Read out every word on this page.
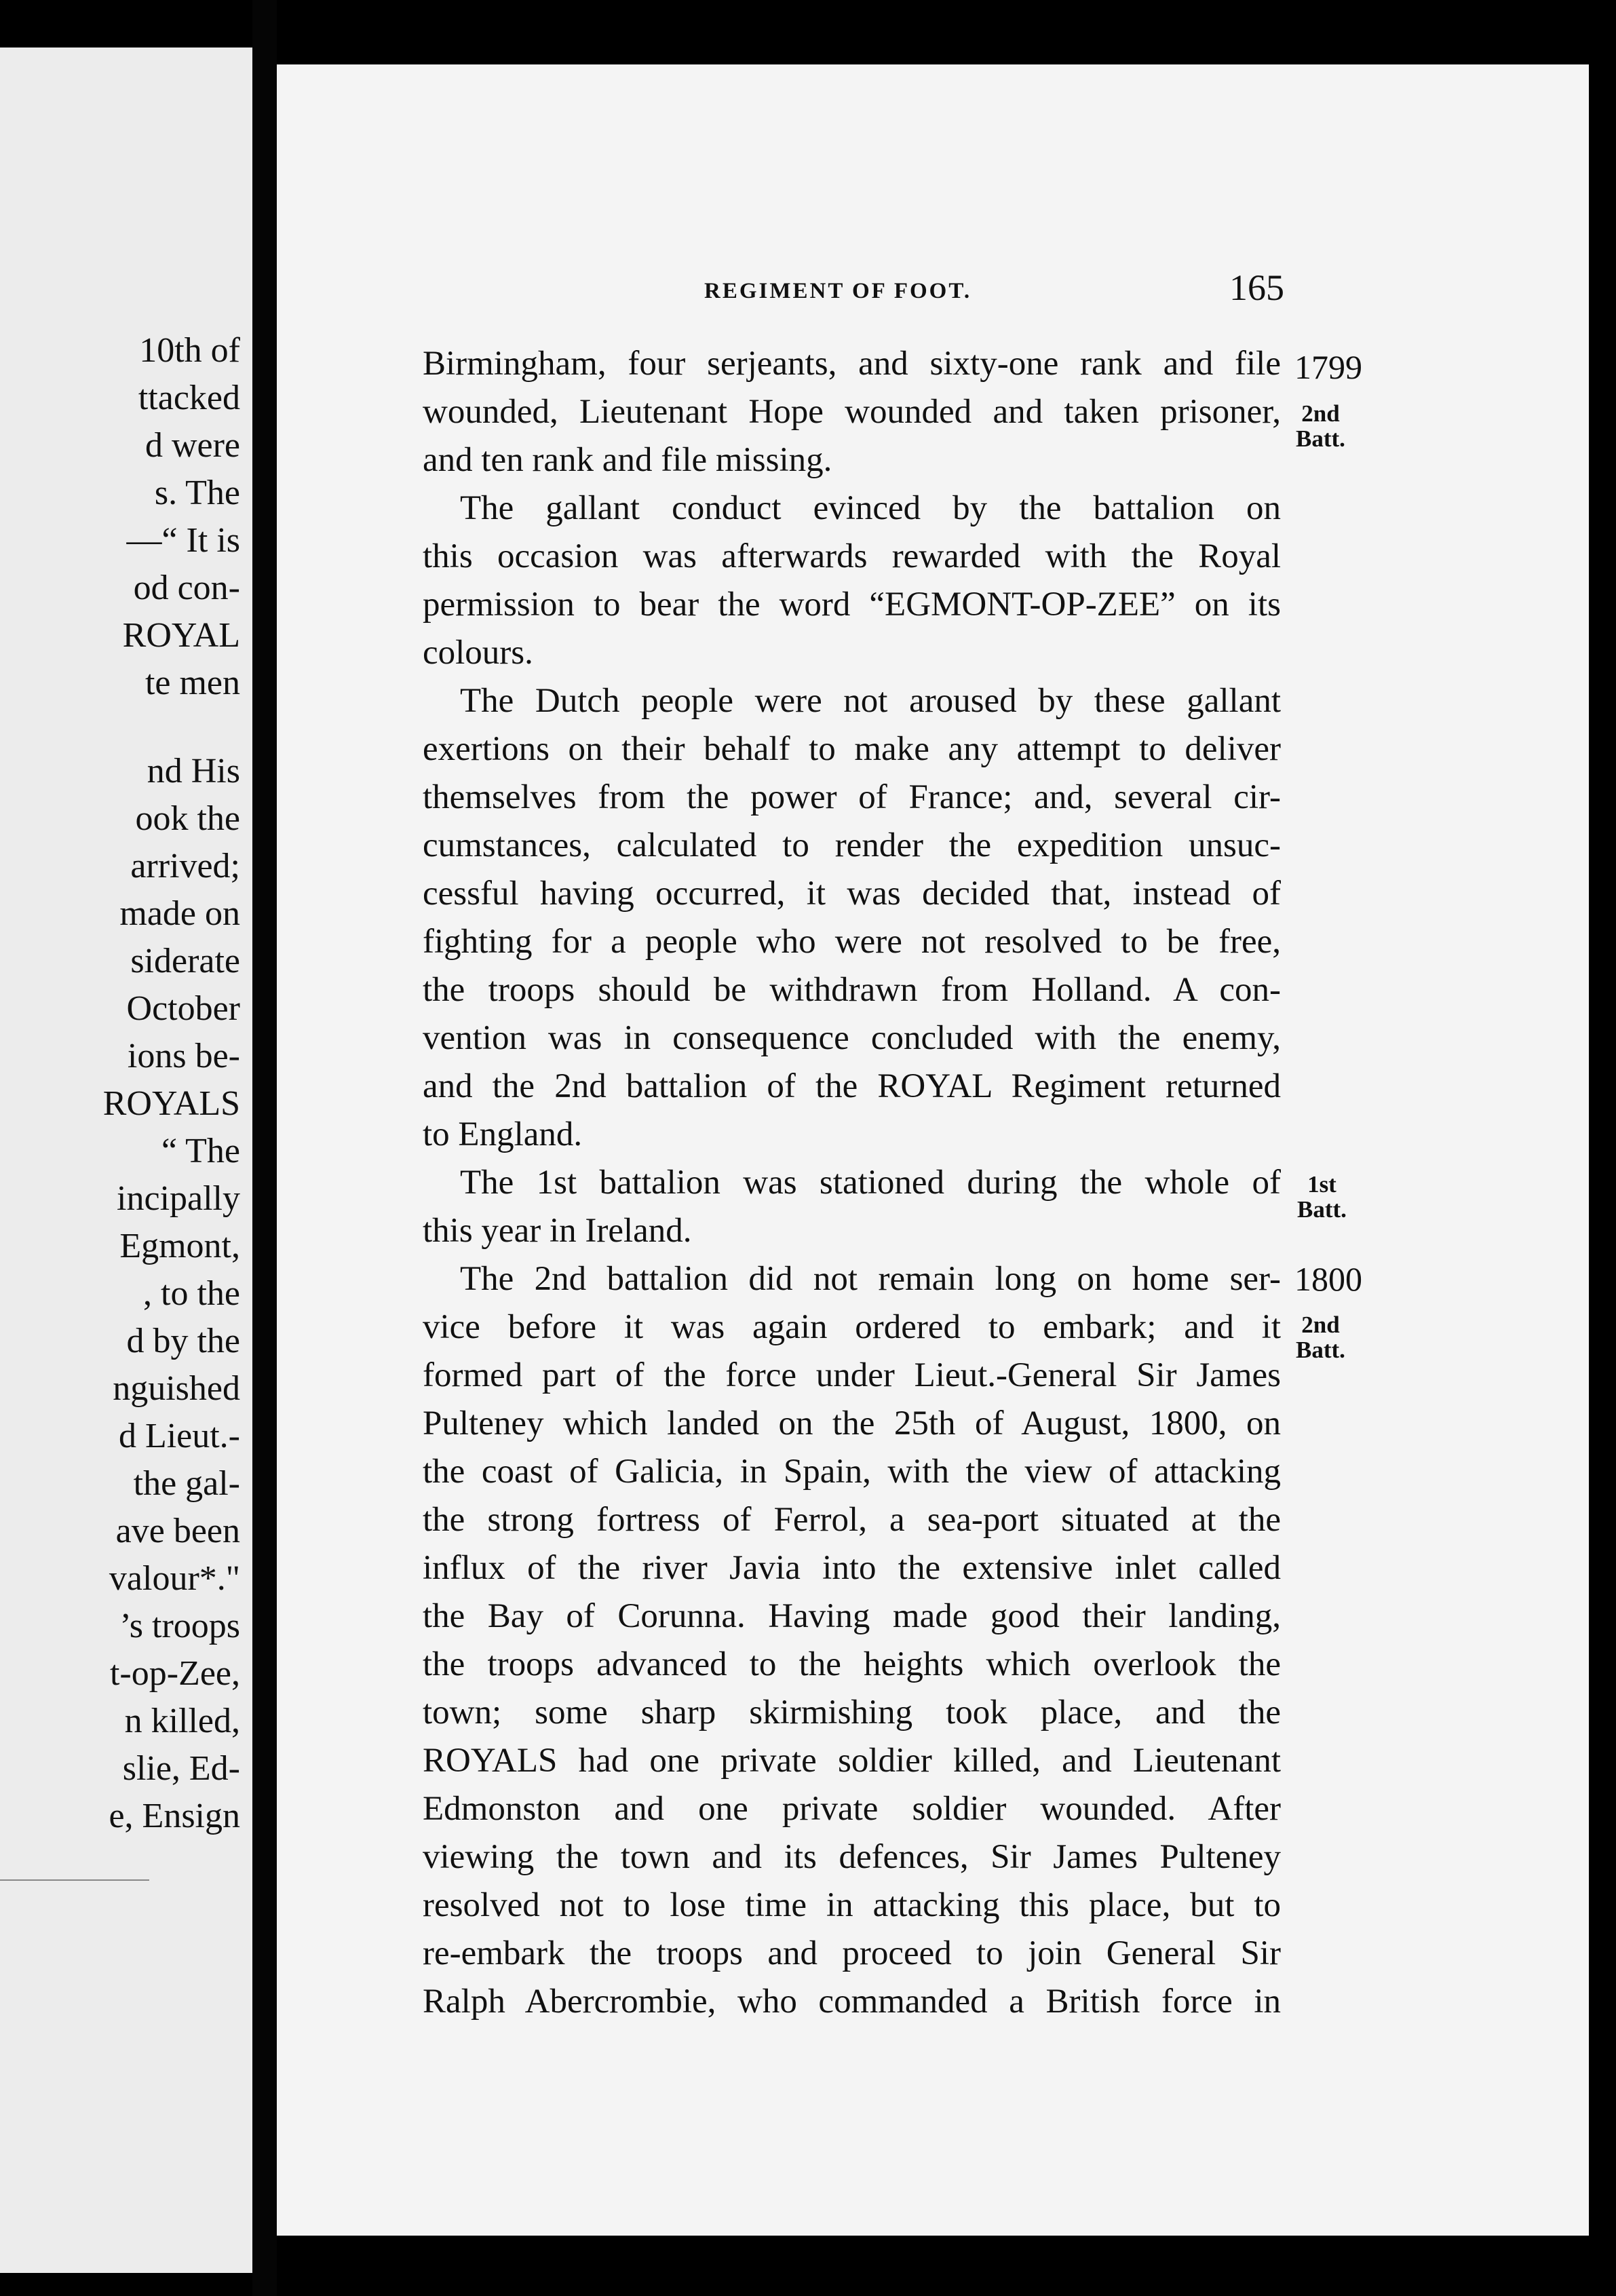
10th of
ttacked
d were
s. The
—“ It is
od con-
ROYAL
te men
nd His
ook the
arrived;
made on
siderate
October
ions be-
ROYALS
“ The
incipally
Egmont,
, to the
d by the
nguished
d Lieut.-
the gal-
ave been
valour*."
’s troops
t-op-Zee,
n killed,
slie, Ed-
e, Ensign
REGIMENT OF FOOT.	165
1799
2nd
Batt.
1st
Batt.
1800
2nd
Batt.
Birmingham, four serjeants, and sixty-one rank and file
wounded, Lieutenant Hope wounded and taken prisoner,
and ten rank and file missing.
The gallant conduct evinced by the battalion on
this occasion was afterwards rewarded with the Royal
permission to bear the word “EGMONT-OP-ZEE” on its
colours.
The Dutch people were not aroused by these gallant
exertions on their behalf to make any attempt to deliver
themselves from the power of France; and, several cir-
cumstances, calculated to render the expedition unsuc-
cessful having occurred, it was decided that, instead of
fighting for a people who were not resolved to be free,
the troops should be withdrawn from Holland. A con-
vention was in consequence concluded with the enemy,
and the 2nd battalion of the ROYAL Regiment returned
to England.
The 1st battalion was stationed during the whole of
this year in Ireland.
The 2nd battalion did not remain long on home ser-
vice before it was again ordered to embark; and it
formed part of the force under Lieut.-General Sir James
Pulteney which landed on the 25th of August, 1800, on
the coast of Galicia, in Spain, with the view of attacking
the strong fortress of Ferrol, a sea-port situated at the
influx of the river Javia into the extensive inlet called
the Bay of Corunna. Having made good their landing,
the troops advanced to the heights which overlook the
town; some sharp skirmishing took place, and the
ROYALS had one private soldier killed, and Lieutenant
Edmonston and one private soldier wounded. After
viewing the town and its defences, Sir James Pulteney
resolved not to lose time in attacking this place, but to
re-embark the troops and proceed to join General Sir
Ralph Abercrombie, who commanded a British force in
